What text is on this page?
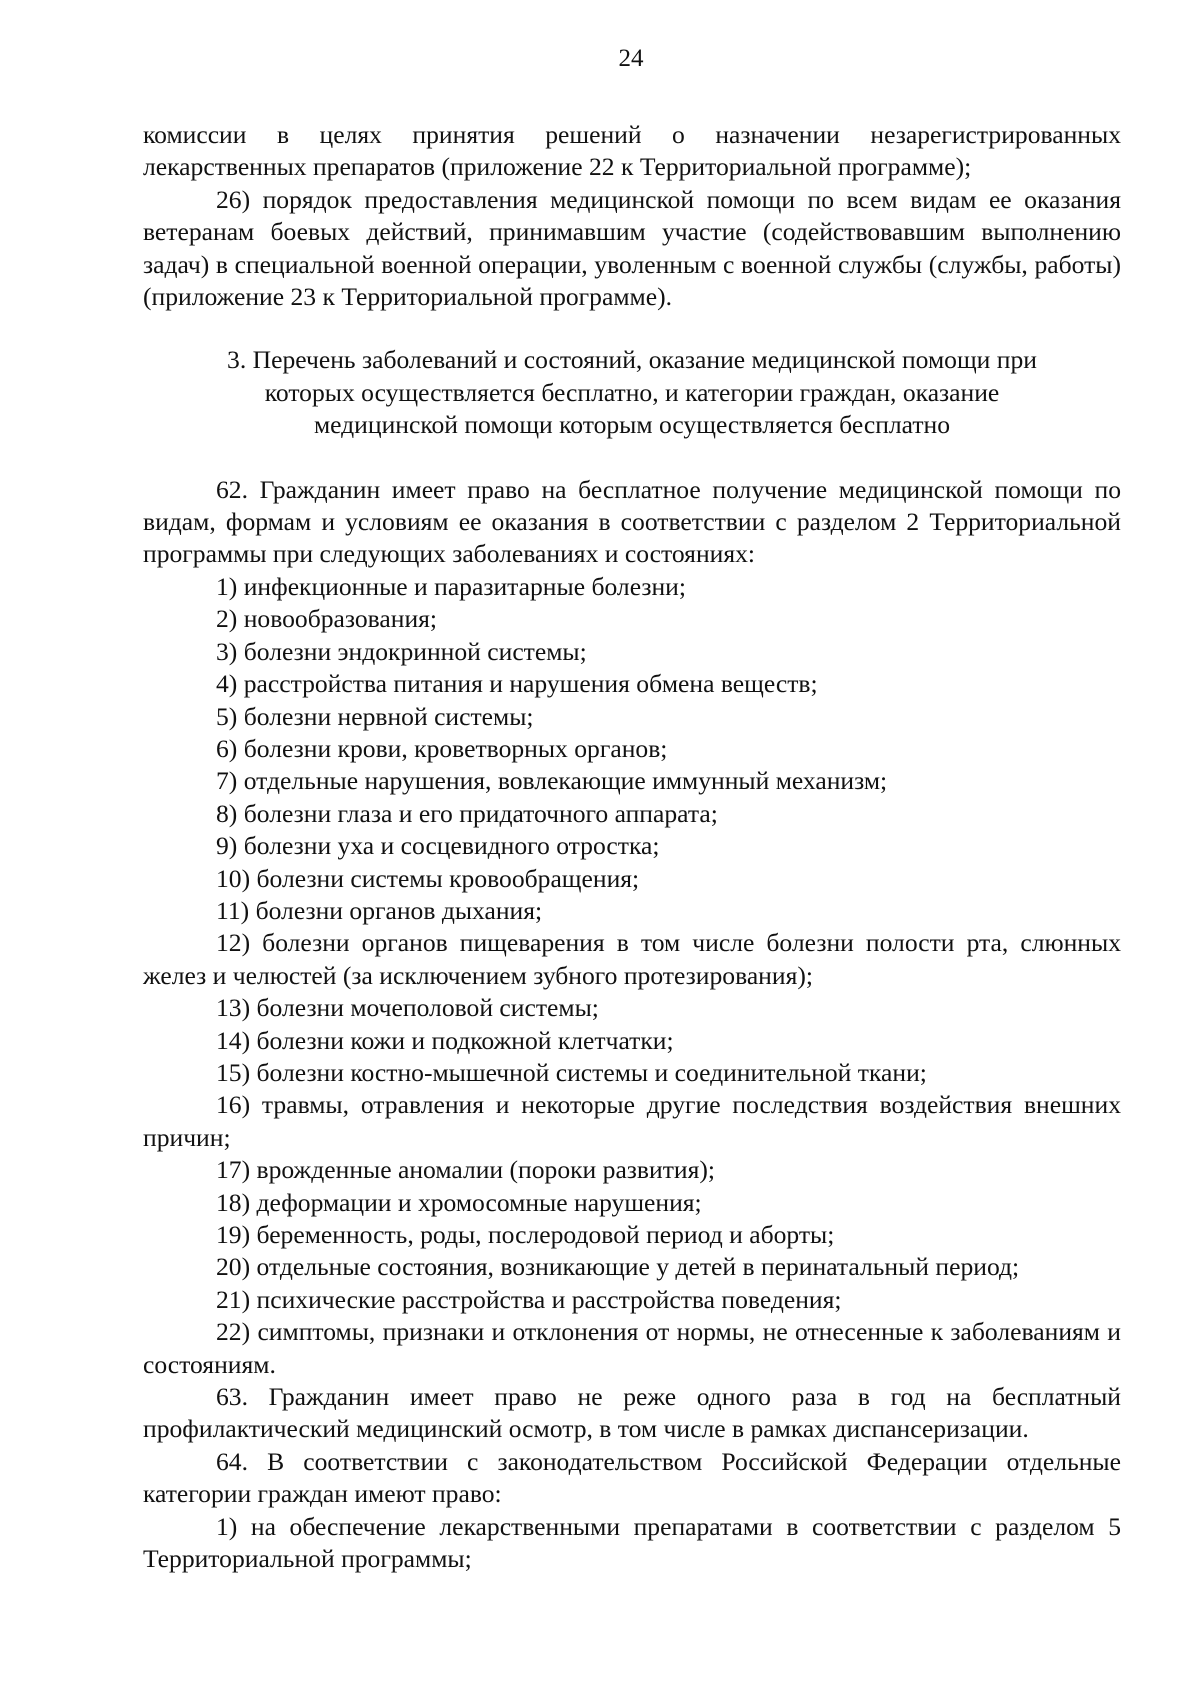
24

комиссии в целях принятия решений о назначении незарегистрированных лекарственных препаратов (приложение 22 к Территориальной программе);

26) порядок предоставления медицинской помощи по всем видам ее оказания ветеранам боевых действий, принимавшим участие (содействовавшим выполнению задач) в специальной военной операции, уволенным с военной службы (службы, работы) (приложение 23 к Территориальной программе).

3. Перечень заболеваний и состояний, оказание медицинской помощи при

которых осуществляется бесплатно, и категории граждан, оказание

медицинской помощи которым осуществляется бесплатно

62. Гражданин имеет право на бесплатное получение медицинской помощи по видам, формам и условиям ее оказания в соответствии с разделом 2 Территориальной программы при следующих заболеваниях и состояниях:

1) инфекционные и паразитарные болезни;

2) новообразования;

3) болезни эндокринной системы;

4) расстройства питания и нарушения обмена веществ;

5) болезни нервной системы;

6) болезни крови, кроветворных органов;

7) отдельные нарушения, вовлекающие иммунный механизм;

8) болезни глаза и его придаточного аппарата;

9) болезни уха и сосцевидного отростка;

10) болезни системы кровообращения;

11) болезни органов дыхания;

12) болезни органов пищеварения в том числе болезни полости рта, слюнных желез и челюстей (за исключением зубного протезирования);

13) болезни мочеполовой системы;

14) болезни кожи и подкожной клетчатки;

15) болезни костно-мышечной системы и соединительной ткани;

16) травмы, отравления и некоторые другие последствия воздействия внешних причин;

17) врожденные аномалии (пороки развития);

18) деформации и хромосомные нарушения;

19) беременность, роды, послеродовой период и аборты;

20) отдельные состояния, возникающие у детей в перинатальный период;

21) психические расстройства и расстройства поведения;

22) симптомы, признаки и отклонения от нормы, не отнесенные к заболеваниям и состояниям.

63. Гражданин имеет право не реже одного раза в год на бесплатный профилактический медицинский осмотр, в том числе в рамках диспансеризации.

64. В соответствии с законодательством Российской Федерации отдельные категории граждан имеют право:

1) на обеспечение лекарственными препаратами в соответствии с разделом 5 Территориальной программы;
